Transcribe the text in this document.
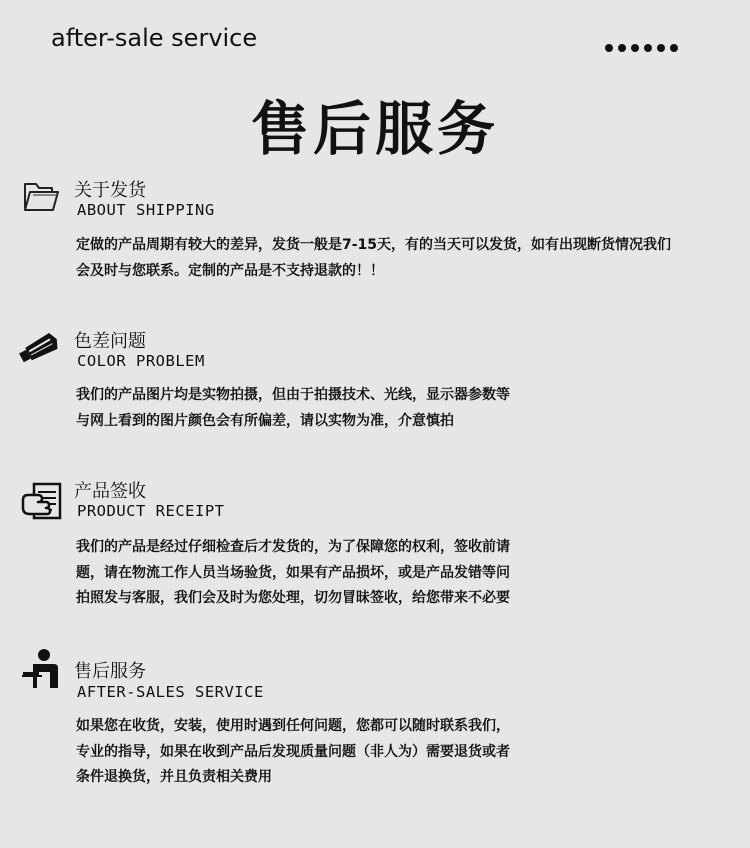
after-sale service
售后服务
关于发货
ABOUT SHIPPING
定做的产品周期有较大的差异，发货一般是7-15天，有的当天可以发货，如有出现断货情况我们
会及时与您联系。定制的产品是不支持退款的！！
色差问题
COLOR PROBLEM
我们的产品图片均是实物拍摄，但由于拍摄技术、光线，显示器参数等
与网上看到的图片颜色会有所偏差，请以实物为准，介意慎拍
产品签收
PRODUCT RECEIPT
我们的产品是经过仔细检查后才发货的，为了保障您的权利，签收前请
题，请在物流工作人员当场验货，如果有产品损坏，或是产品发错等问
拍照发与客服，我们会及时为您处理，切勿冒昧签收，给您带来不必要
售后服务
AFTER-SALES SERVICE
如果您在收货，安装，使用时遇到任何问题，您都可以随时联系我们，
专业的指导，如果在收到产品后发现质量问题（非人为）需要退货或者
条件退换货，并且负责相关费用
